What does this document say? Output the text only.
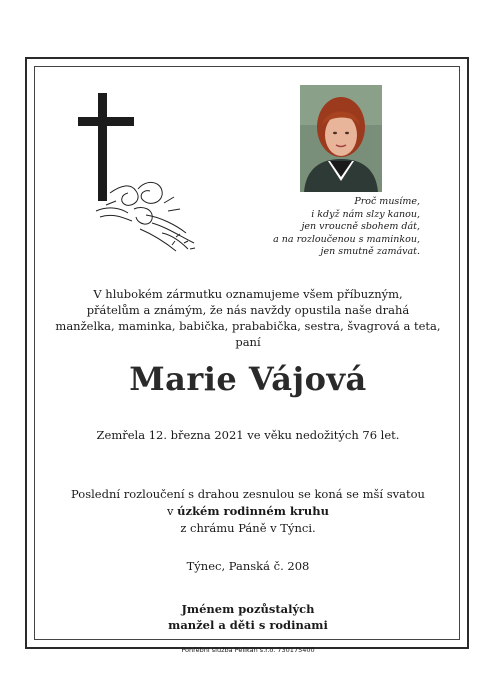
Proč musíme,
i když nám slzy kanou,
jen vroucně sbohem dát,
a na rozloučenou s maminkou,
jen smutně zamávat.
V hlubokém zármutku oznamujeme všem příbuzným,
přátelům a známým, že nás navždy opustila naše drahá
manželka, maminka, babička, prababička, sestra, švagrová a teta,
paní
Marie Vájová
Zemřela 12. března 2021 ve věku nedožitých 76 let.
Poslední rozloučení s drahou zesnulou se koná se mší svatou
v úzkém rodinném kruhu
z chrámu Páně v Týnci.
Týnec, Panská č. 208
Jménem pozůstalých
manžel a děti s rodinami
Pohřební služba Pelikán s.r.o. 730175400
